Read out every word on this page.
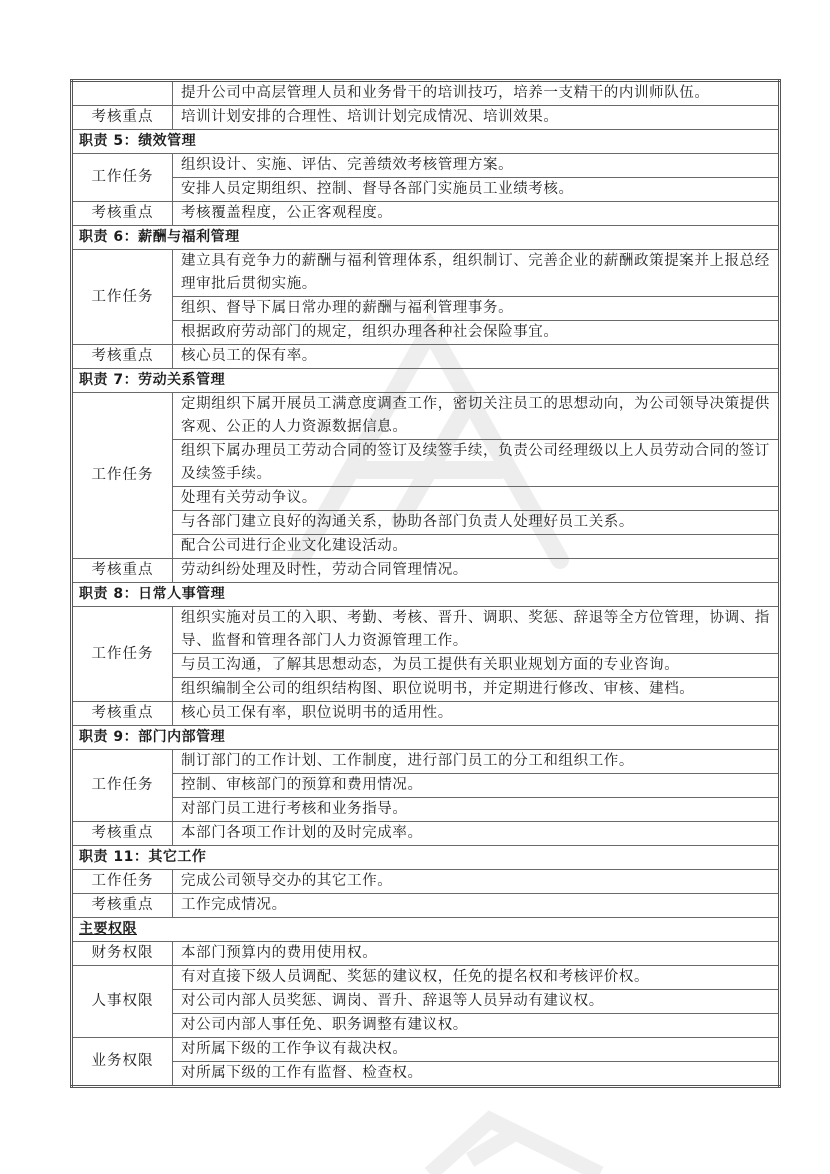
	提升公司中高层管理人员和业务骨干的培训技巧，培养一支精干的内训师队伍。
考核重点	培训计划安排的合理性、培训计划完成情况、培训效果。
职责 5：绩效管理	
工作任务	组织设计、实施、评估、完善绩效考核管理方案。
	安排人员定期组织、控制、督导各部门实施员工业绩考核。
考核重点	考核覆盖程度，公正客观程度。
职责 6：薪酬与福利管理	
工作任务	建立具有竞争力的薪酬与福利管理体系，组织制订、完善企业的薪酬政策提案并上报总经理审批后贯彻实施。
	组织、督导下属日常办理的薪酬与福利管理事务。
	根据政府劳动部门的规定，组织办理各种社会保险事宜。
考核重点	核心员工的保有率。
职责 7：劳动关系管理	
工作任务	定期组织下属开展员工满意度调查工作，密切关注员工的思想动向，为公司领导决策提供客观、公正的人力资源数据信息。
	组织下属办理员工劳动合同的签订及续签手续，负责公司经理级以上人员劳动合同的签订及续签手续。
	处理有关劳动争议。
	与各部门建立良好的沟通关系，协助各部门负责人处理好员工关系。
	配合公司进行企业文化建设活动。
考核重点	劳动纠纷处理及时性，劳动合同管理情况。
职责 8：日常人事管理	
工作任务	组织实施对员工的入职、考勤、考核、晋升、调职、奖惩、辞退等全方位管理，协调、指导、监督和管理各部门人力资源管理工作。
	与员工沟通，了解其思想动态，为员工提供有关职业规划方面的专业咨询。
	组织编制全公司的组织结构图、职位说明书，并定期进行修改、审核、建档。
考核重点	核心员工保有率，职位说明书的适用性。
职责 9：部门内部管理	
工作任务	制订部门的工作计划、工作制度，进行部门员工的分工和组织工作。
	控制、审核部门的预算和费用情况。
	对部门员工进行考核和业务指导。
考核重点	本部门各项工作计划的及时完成率。
职责 11：其它工作	
工作任务	完成公司领导交办的其它工作。
考核重点	工作完成情况。
主要权限	
财务权限	本部门预算内的费用使用权。
人事权限	有对直接下级人员调配、奖惩的建议权，任免的提名权和考核评价权。
	对公司内部人员奖惩、调岗、晋升、辞退等人员异动有建议权。
	对公司内部人事任免、职务调整有建议权。
业务权限	对所属下级的工作争议有裁决权。
	对所属下级的工作有监督、检查权。
